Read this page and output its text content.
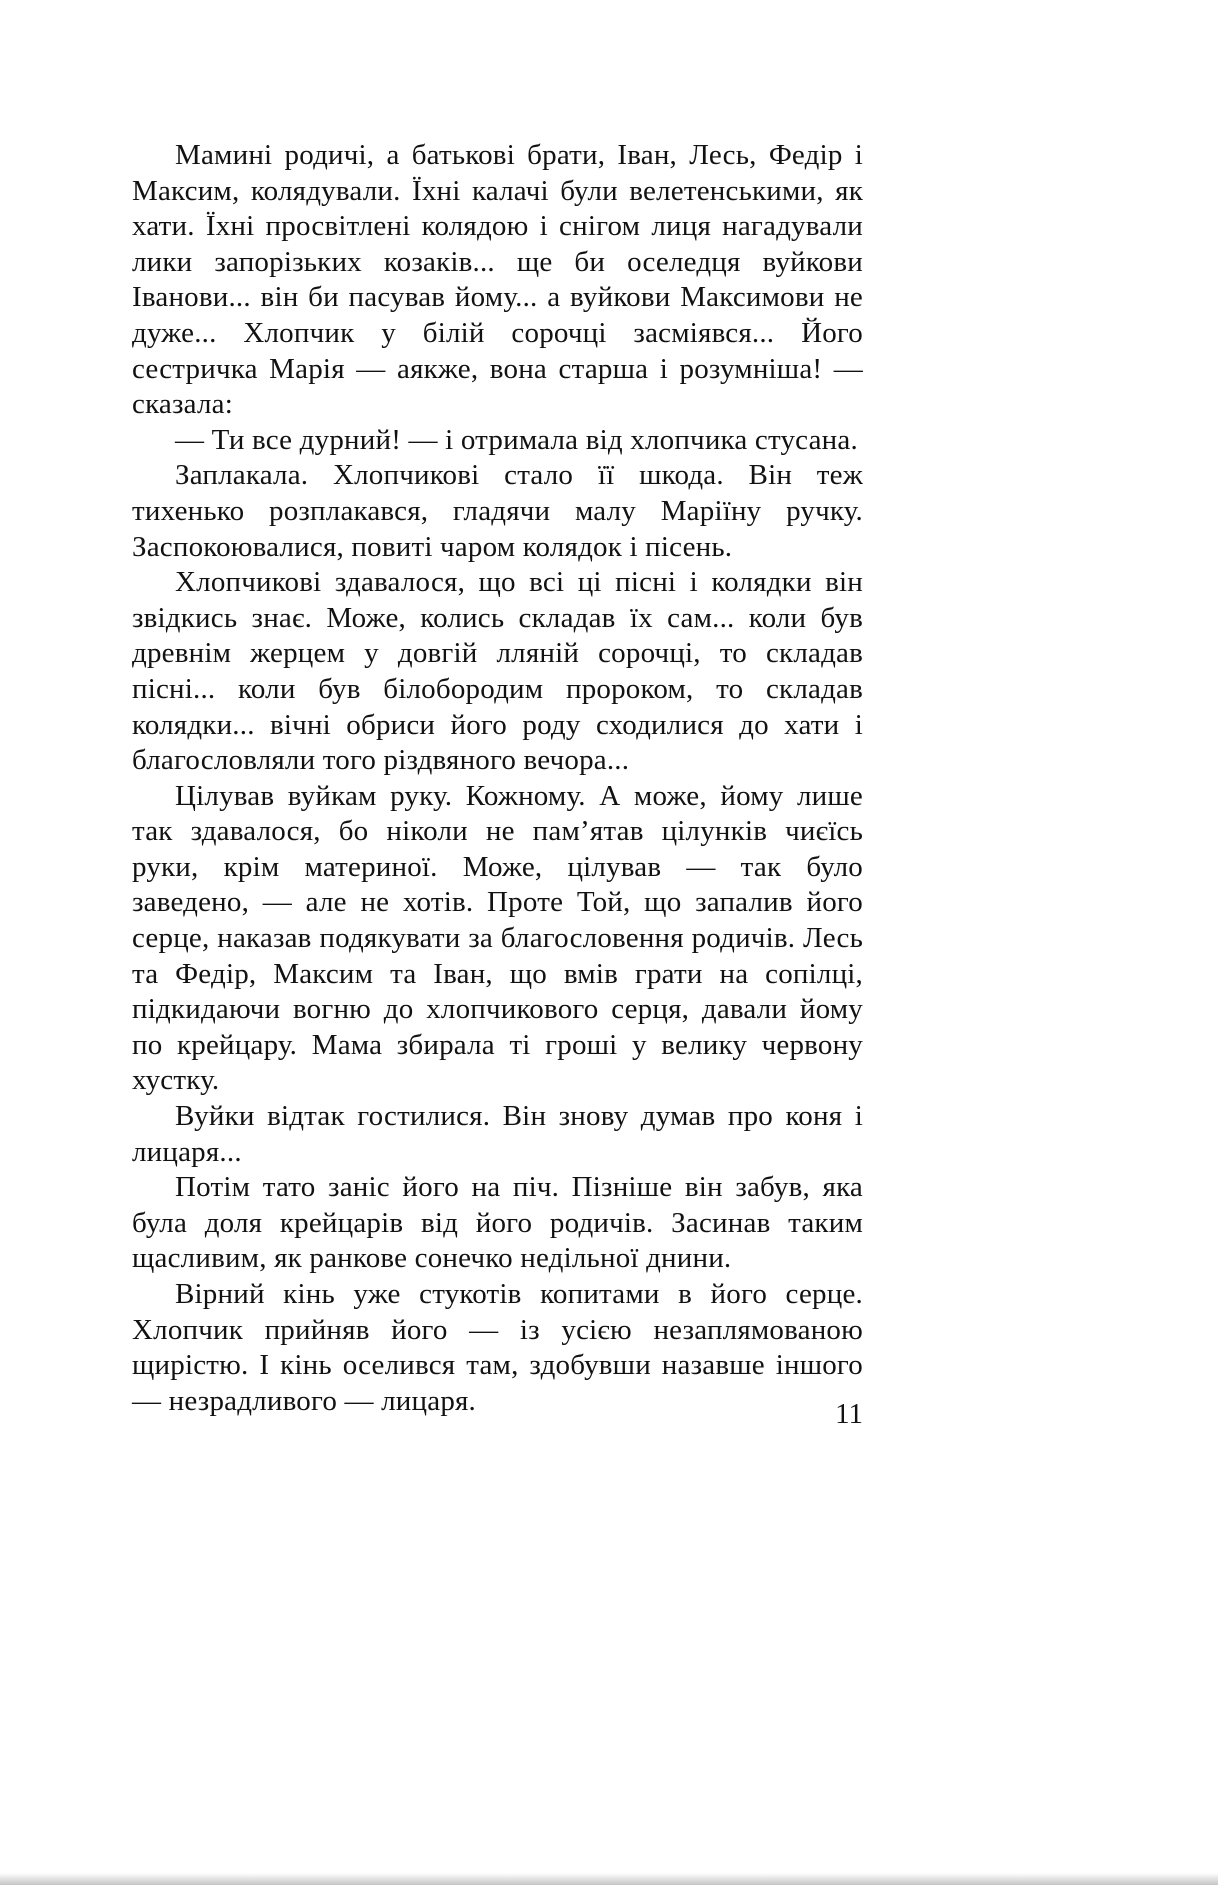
Мамині родичі, а батькові брати, Іван, Лесь, Федір і Максим, колядували. Їхні калачі були велетенськими, як хати. Їхні просвітлені колядою і снігом лиця нагадували лики запорізьких козаків... ще би оселедця вуйкови Іванови... він би пасував йому... а вуйкови Максимови не дуже... Хлопчик у білій сорочці засміявся... Його сестричка Марія — аякже, вона старша і розумніша! — сказала:

— Ти все дурний! — і отримала від хлопчика стусана.

Заплакала. Хлопчикові стало її шкода. Він теж тихенько розплакався, гладячи малу Маріїну ручку. Заспокоювалися, повиті чаром колядок і пісень.

Хлопчикові здавалося, що всі ці пісні і колядки він звідкись знає. Може, колись складав їх сам... коли був древнім жерцем у довгій лляній сорочці, то складав пісні... коли був білобородим пророком, то складав колядки... вічні обриси його роду сходилися до хати і благословляли того різдвяного вечора...

Цілував вуйкам руку. Кожному. А може, йому лише так здавалося, бо ніколи не пам’ятав цілунків чиєїсь руки, крім материної. Може, цілував — так було заведено, — але не хотів. Проте Той, що запалив його серце, наказав подякувати за благословення родичів. Лесь та Федір, Максим та Іван, що вмів грати на сопілці, підкидаючи вогню до хлопчикового серця, давали йому по крейцару. Мама збирала ті гроші у велику червону хустку.

Вуйки відтак гостилися. Він знову думав про коня і лицаря...

Потім тато заніс його на піч. Пізніше він забув, яка була доля крейцарів від його родичів. Засинав таким щасливим, як ранкове сонечко недільної днини.

Вірний кінь уже стукотів копитами в його серце. Хлопчик прийняв його — із усією незаплямованою щирістю. І кінь оселився там, здобувши назавше іншого — незрадливого — лицаря.	11
